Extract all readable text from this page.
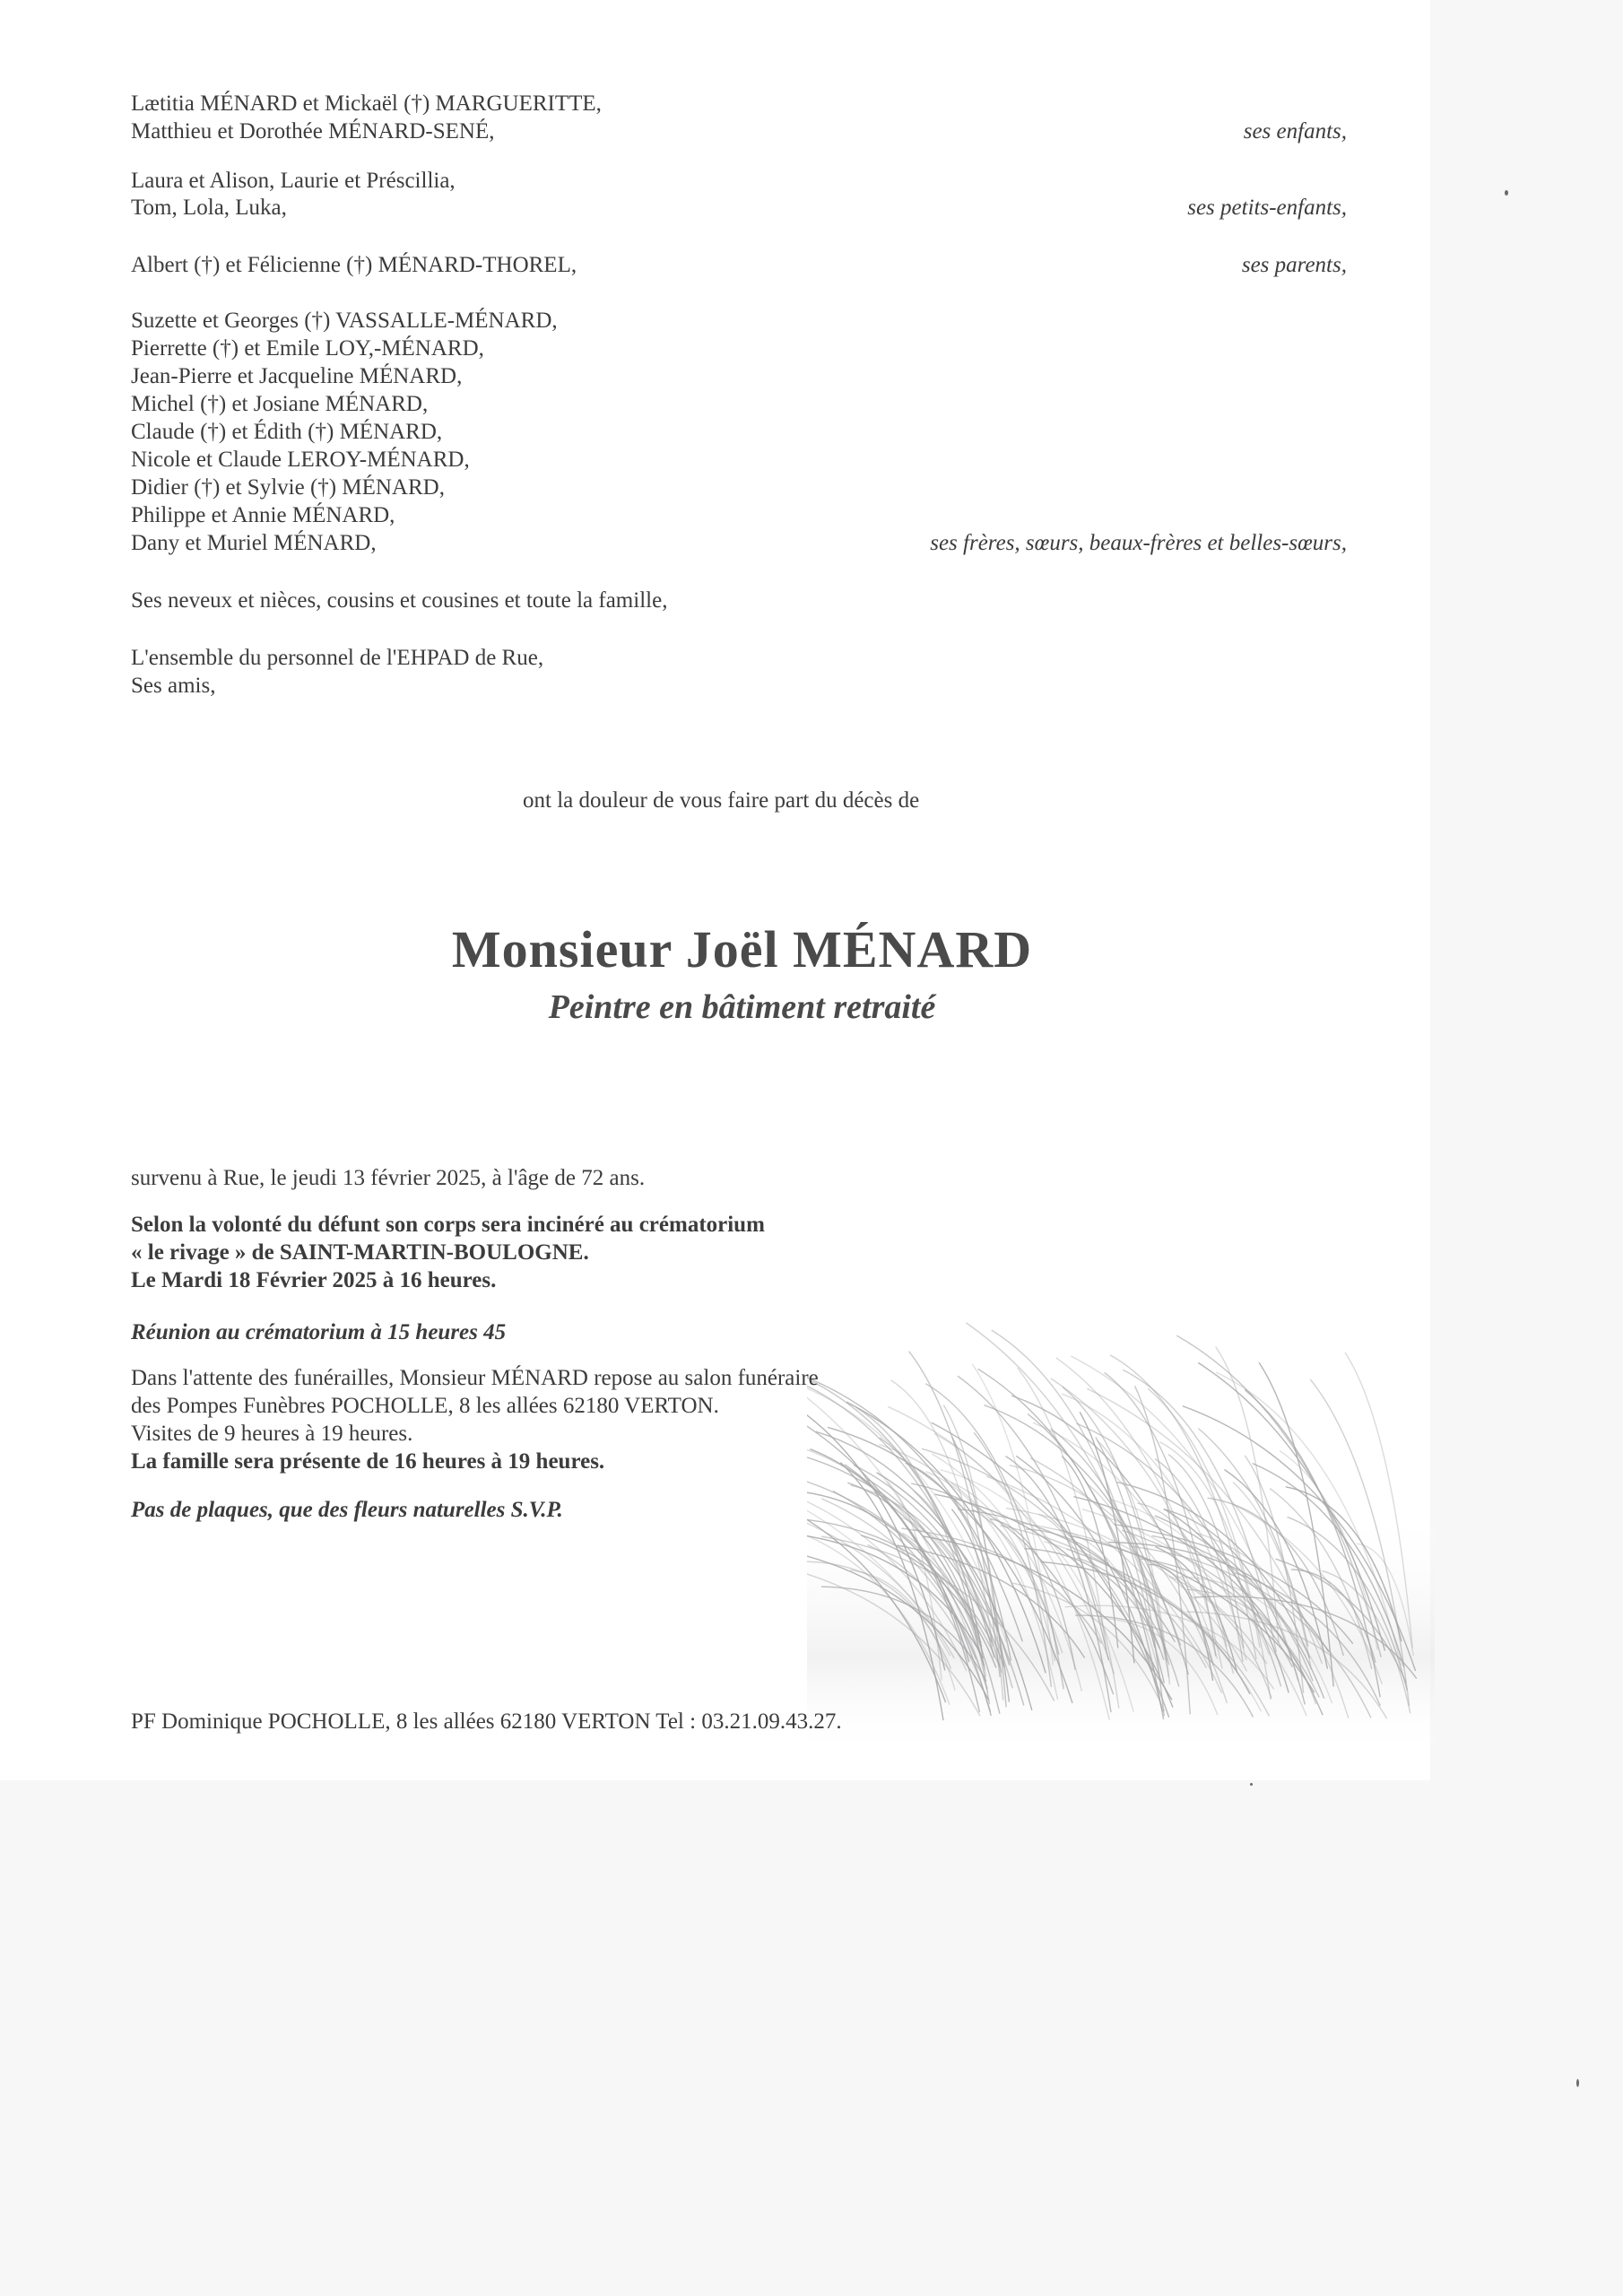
Lætitia MÉNARD et Mickaël (†) MARGUERITTE,
Matthieu et Dorothée MÉNARD-SENÉ,	ses enfants,
Laura et Alison, Laurie et Préscillia,
Tom, Lola, Luka,	ses petits-enfants,
Albert (†) et Félicienne (†) MÉNARD-THOREL,	ses parents,
Suzette et Georges (†) VASSALLE-MÉNARD,
Pierrette (†) et Emile LOY,-MÉNARD,
Jean-Pierre et Jacqueline MÉNARD,
Michel (†) et Josiane MÉNARD,
Claude (†) et Édith (†) MÉNARD,
Nicole et Claude LEROY-MÉNARD,
Didier (†) et Sylvie (†) MÉNARD,
Philippe et Annie MÉNARD,
Dany et Muriel MÉNARD,	ses frères, sœurs, beaux-frères et belles-sœurs,
Ses neveux et nièces, cousins et cousines et toute la famille,
L'ensemble du personnel de l'EHPAD de Rue,
Ses amis,
ont la douleur de vous faire part du décès de
Monsieur Joël MÉNARD
Peintre en bâtiment retraité
survenu à Rue, le jeudi 13 février 2025, à l'âge de 72 ans.
Selon la volonté du défunt son corps sera incinéré au crématorium
« le rivage » de SAINT-MARTIN-BOULOGNE.
Le Mardi 18 Février 2025 à 16 heures.
Réunion au crématorium à 15 heures 45
Dans l'attente des funérailles, Monsieur MÉNARD repose au salon funéraire
des Pompes Funèbres POCHOLLE, 8 les allées 62180 VERTON.
Visites de 9 heures à 19 heures.
La famille sera présente de 16 heures à 19 heures.
Pas de plaques, que des fleurs naturelles S.V.P.
PF Dominique POCHOLLE, 8 les allées 62180 VERTON Tel : 03.21.09.43.27.
